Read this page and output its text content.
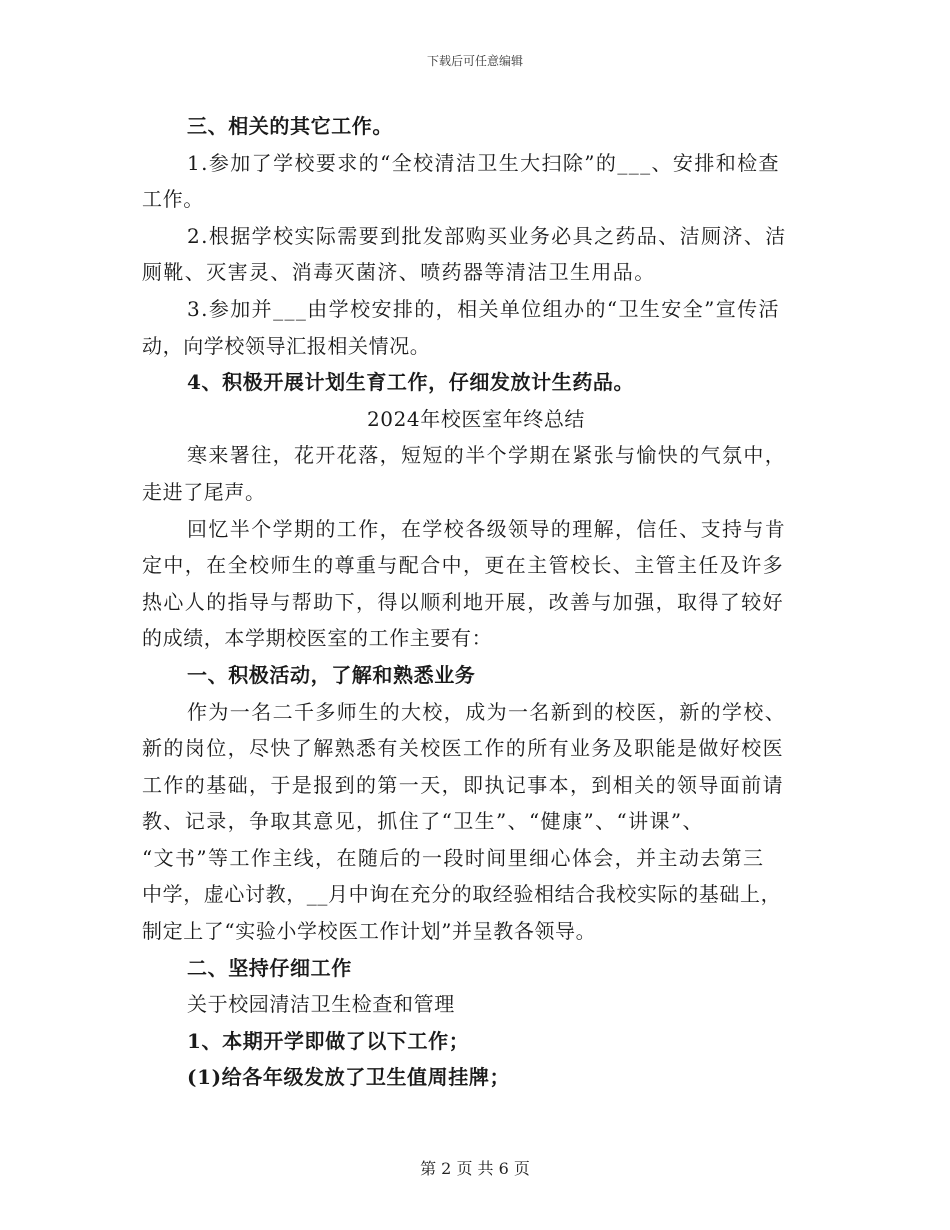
下载后可任意编辑
三、相关的其它工作。
1.参加了学校要求的“全校清洁卫生大扫除”的___、安排和检查
工作。
2.根据学校实际需要到批发部购买业务必具之药品、洁厕济、洁
厕靴、灭害灵、消毒灭菌济、喷药器等清洁卫生用品。
3.参加并___由学校安排的，相关单位组办的“卫生安全”宣传活
动，向学校领导汇报相关情况。
4、积极开展计划生育工作，仔细发放计生药品。
2024年校医室年终总结
寒来署往，花开花落，短短的半个学期在紧张与愉快的气氛中，
走进了尾声。
回忆半个学期的工作，在学校各级领导的理解，信任、支持与肯
定中，在全校师生的尊重与配合中，更在主管校长、主管主任及许多
热心人的指导与帮助下，得以顺利地开展，改善与加强，取得了较好
的成绩，本学期校医室的工作主要有：
一、积极活动，了解和熟悉业务
作为一名二千多师生的大校，成为一名新到的校医，新的学校、
新的岗位，尽快了解熟悉有关校医工作的所有业务及职能是做好校医
工作的基础，于是报到的第一天，即执记事本，到相关的领导面前请
教、记录，争取其意见，抓住了“卫生”、“健康”、“讲课”、
“文书”等工作主线，在随后的一段时间里细心体会，并主动去第三
中学，虚心讨教，__月中询在充分的取经验相结合我校实际的基础上，
制定上了“实验小学校医工作计划”并呈教各领导。
二、坚持仔细工作
关于校园清洁卫生检查和管理
1、本期开学即做了以下工作；
(1)给各年级发放了卫生值周挂牌；
第 2 页 共 6 页
